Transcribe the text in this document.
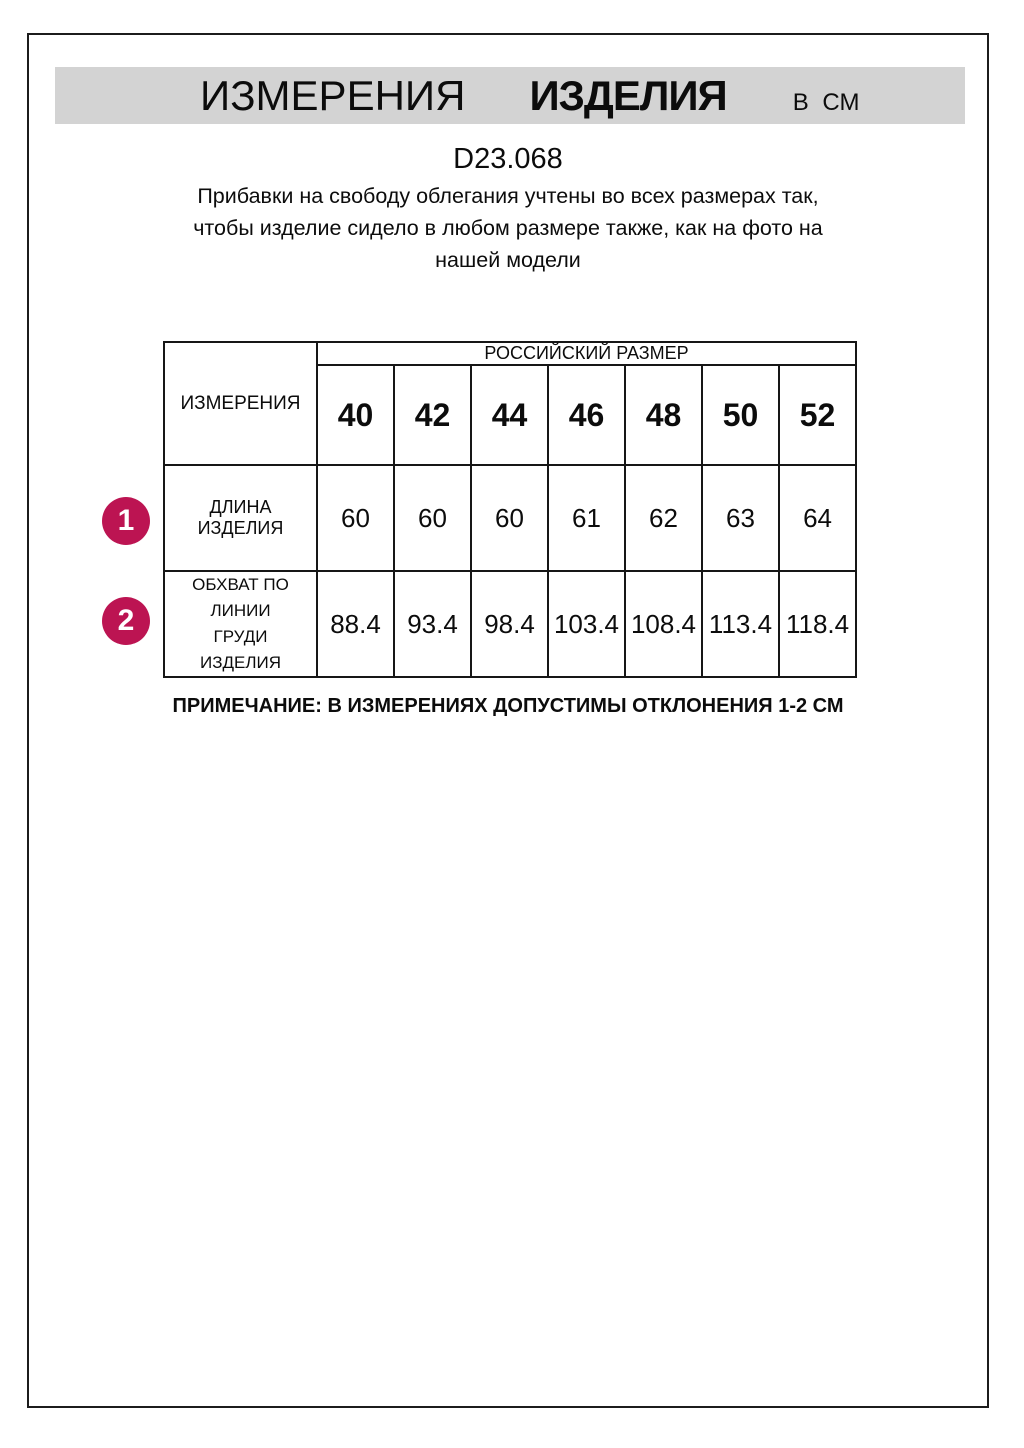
ИЗМЕРЕНИЯ ИЗДЕЛИЯ	В СМ
D23.068
Прибавки на свободу облегания учтены во всех размерах так,
чтобы изделие сидело в любом размере также, как на фото на
нашей модели
1
2
ИЗМЕРЕНИЯ	РОССИЙСКИЙ РАЗМЕР						
	40	42	44	46	48	50	52
ДЛИНА ИЗДЕЛИЯ	60	60	60	61	62	63	64
ОБХВАТ ПО ЛИНИИ ГРУДИ ИЗДЕЛИЯ	88.4	93.4	98.4	103.4	108.4	113.4	118.4
ПРИМЕЧАНИЕ: В ИЗМЕРЕНИЯХ ДОПУСТИМЫ ОТКЛОНЕНИЯ 1-2 СМ
